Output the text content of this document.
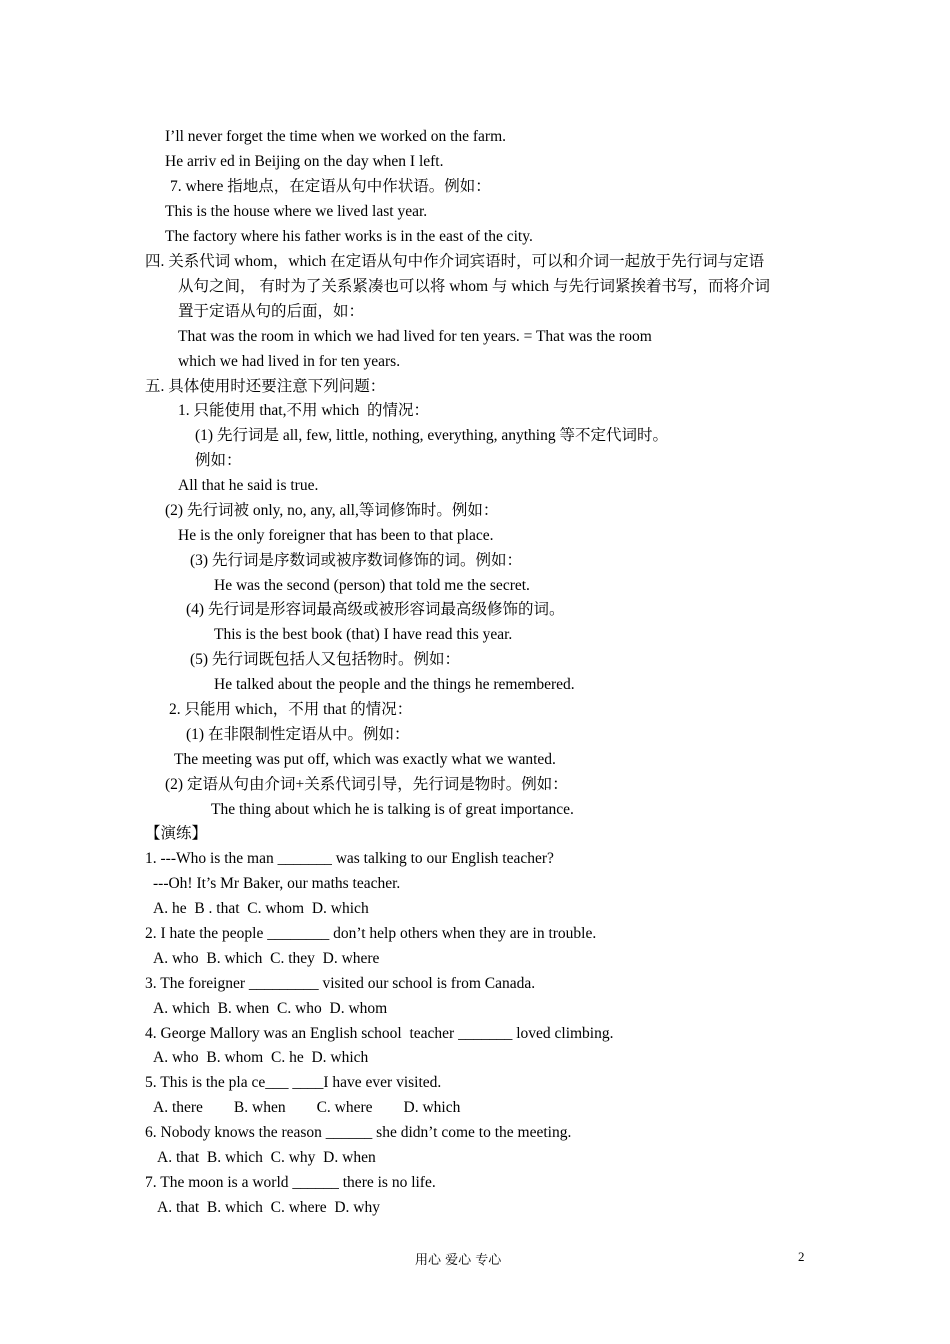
I’ll never forget the time when we worked on the farm.
He arriv ed in Beijing on the day when I left.
7. where 指地点，在定语从句中作状语。例如：
This is the house where we lived last year.
The factory where his father works is in the east of the city.
四. 关系代词 whom，which 在定语从句中作介词宾语时，可以和介词一起放于先行词与定语
从句之间， 有时为了关系紧凑也可以将 whom 与 which 与先行词紧挨着书写，而将介词
置于定语从句的后面，如：
That was the room in which we had lived for ten years. = That was the room
which we had lived in for ten years.
五. 具体使用时还要注意下列问题：
1. 只能使用 that,不用 which  的情况：
(1) 先行词是 all, few, little, nothing, everything, anything 等不定代词时。
例如：
All that he said is true.
(2) 先行词被 only, no, any, all,等词修饰时。例如：
He is the only foreigner that has been to that place.
(3) 先行词是序数词或被序数词修饰的词。例如：
He was the second (person) that told me the secret.
(4) 先行词是形容词最高级或被形容词最高级修饰的词。
This is the best book (that) I have read this year.
(5) 先行词既包括人又包括物时。例如：
He talked about the people and the things he remembered.
2. 只能用 which，不用 that 的情况：
(1) 在非限制性定语从中。例如：
The meeting was put off, which was exactly what we wanted.
(2) 定语从句由介词+关系代词引导，先行词是物时。例如：
The thing about which he is talking is of great importance.
【演练】
1. ---Who is the man _______ was talking to our English teacher?
---Oh! It’s Mr Baker, our maths teacher.
A. he  B . that  C. whom  D. which
2. I hate the people ________ don’t help others when they are in trouble.
A. who  B. which  C. they  D. where
3. The foreigner _________ visited our school is from Canada.
A. which  B. when  C. who  D. whom
4. George Mallory was an English school  teacher _______ loved climbing.
A. who  B. whom  C. he  D. which
5. This is the pla ce___ ____I have ever visited.
A. there        B. when        C. where        D. which
6. Nobody knows the reason ______ she didn’t come to the meeting.
A. that  B. which  C. why  D. when
7. The moon is a world ______ there is no life.
A. that  B. which  C. where  D. why
用心 爱心 专心	2
